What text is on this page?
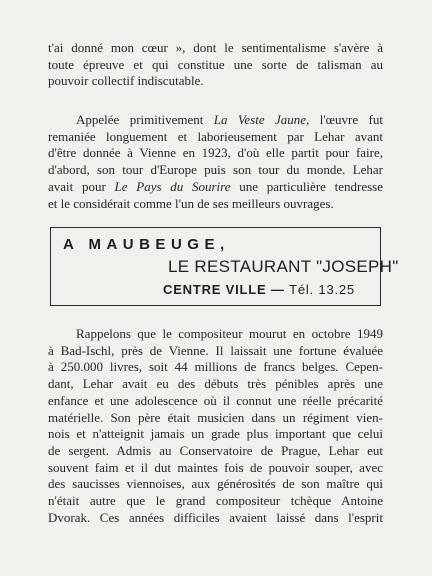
t'ai donné mon cœur », dont le sentimentalisme s'avère à
toute épreuve et qui constitue une sorte de talisman au
pouvoir collectif indiscutable.
Appelée primitivement La Veste Jaune, l'œuvre fut
remaniée longuement et laborieusement par Lehar avant
d'être donnée à Vienne en 1923, d'où elle partit pour faire,
d'abord, son tour d'Europe puis son tour du monde. Lehar
avait pour Le Pays du Sourire une particulière tendresse
et le considérait comme l'un de ses meilleurs ouvrages.
A MAUBEUGE,
LE RESTAURANT "JOSEPH"
CENTRE VILLE — Tél. 13.25
Rappelons que le compositeur mourut en octobre 1949
à Bad-Ischl, près de Vienne. Il laissait une fortune évaluée
à 250.000 livres, soit 44 millions de francs belges. Cepen-
dant, Lehar avait eu des débuts très pénibles après une
enfance et une adolescence où il connut une réelle précarité
matérielle. Son père était musicien dans un régiment vien-
nois et n'atteignit jamais un grade plus important que celui
de sergent. Admis au Conservatoire de Prague, Lehar eut
souvent faim et il dut maintes fois de pouvoir souper, avec
des saucisses viennoises, aux générosités de son maître qui
n'était autre que le grand compositeur tchèque Antoine
Dvorak. Ces années difficiles avaient laissé dans l'esprit
